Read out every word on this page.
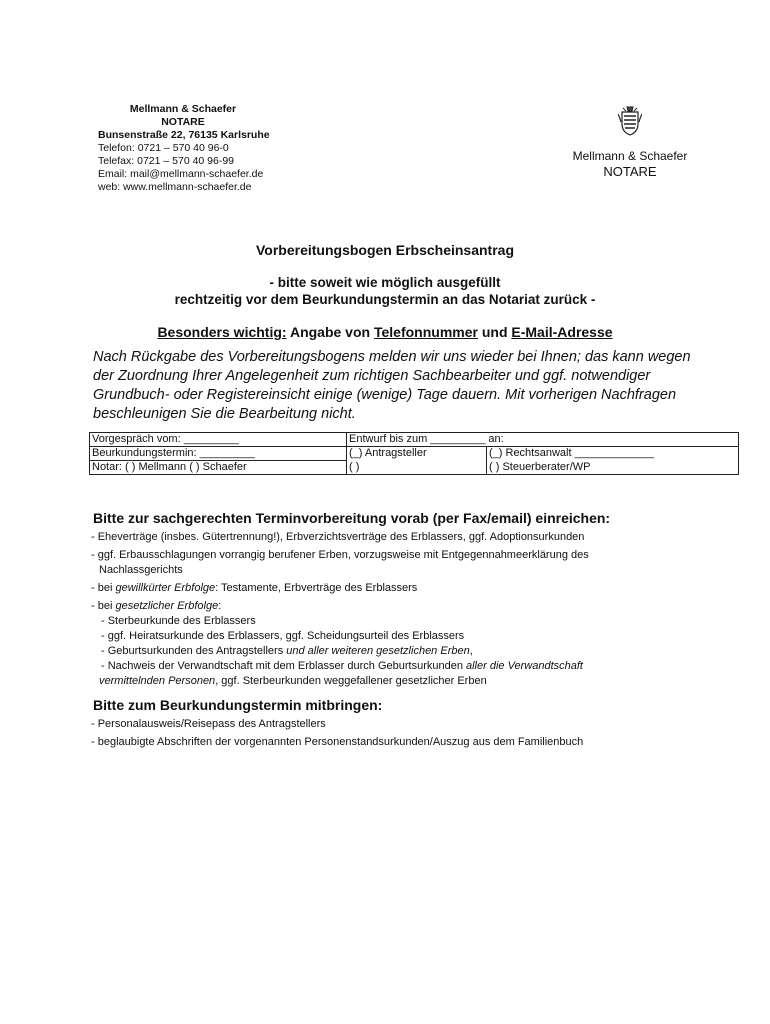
Mellmann & Schaefer
NOTARE
Bunsenstraße 22, 76135 Karlsruhe
Telefon: 0721 – 570 40 96-0
Telefax: 0721 – 570 40 96-99
Email: mail@mellmann-schaefer.de
web: www.mellmann-schaefer.de
Mellmann & Schaefer
NOTARE
Vorbereitungsbogen Erbscheinsantrag
- bitte soweit wie möglich ausgefüllt
rechtzeitig vor dem Beurkundungstermin an das Notariat zurück -
Besonders wichtig: Angabe von Telefonnummer und E-Mail-Adresse
Nach Rückgabe des Vorbereitungsbogens melden wir uns wieder bei Ihnen; das kann wegen der Zuordnung Ihrer Angelegenheit zum richtigen Sachbearbeiter und ggf. notwendiger Grundbuch- oder Registereinsicht einige (wenige) Tage dauern. Mit vorherigen Nachfragen beschleunigen Sie die Bearbeitung nicht.
Vorgespräch vom: _________	Entwurf bis zum _________ an:	
Beurkundungstermin: _________	(_) Antragsteller	(_) Rechtsanwalt _____________
Notar: ( ) Mellmann ( ) Schaefer	( )	( ) Steuerberater/WP
Bitte zur sachgerechten Terminvorbereitung vorab (per Fax/email) einreichen:
- Eheverträge (insbes. Gütertrennung!), Erbverzichtsverträge des Erblassers, ggf. Adoptionsurkunden
- ggf. Erbausschlagungen vorrangig berufener Erben, vorzugsweise mit Entgegennahmeerklärung des
Nachlassgerichts
- bei gewillkürter Erbfolge: Testamente, Erbverträge des Erblassers
- bei gesetzlicher Erbfolge:
- Sterbeurkunde des Erblassers
- ggf. Heiratsurkunde des Erblassers, ggf. Scheidungsurteil des Erblassers
- Geburtsurkunden des Antragstellers und aller weiteren gesetzlichen Erben,
- Nachweis der Verwandtschaft mit dem Erblasser durch Geburtsurkunden aller die Verwandtschaft
vermittelnden Personen, ggf. Sterbeurkunden weggefallener gesetzlicher Erben
Bitte zum Beurkundungstermin mitbringen:
- Personalausweis/Reisepass des Antragstellers
- beglaubigte Abschriften der vorgenannten Personenstandsurkunden/Auszug aus dem Familienbuch
